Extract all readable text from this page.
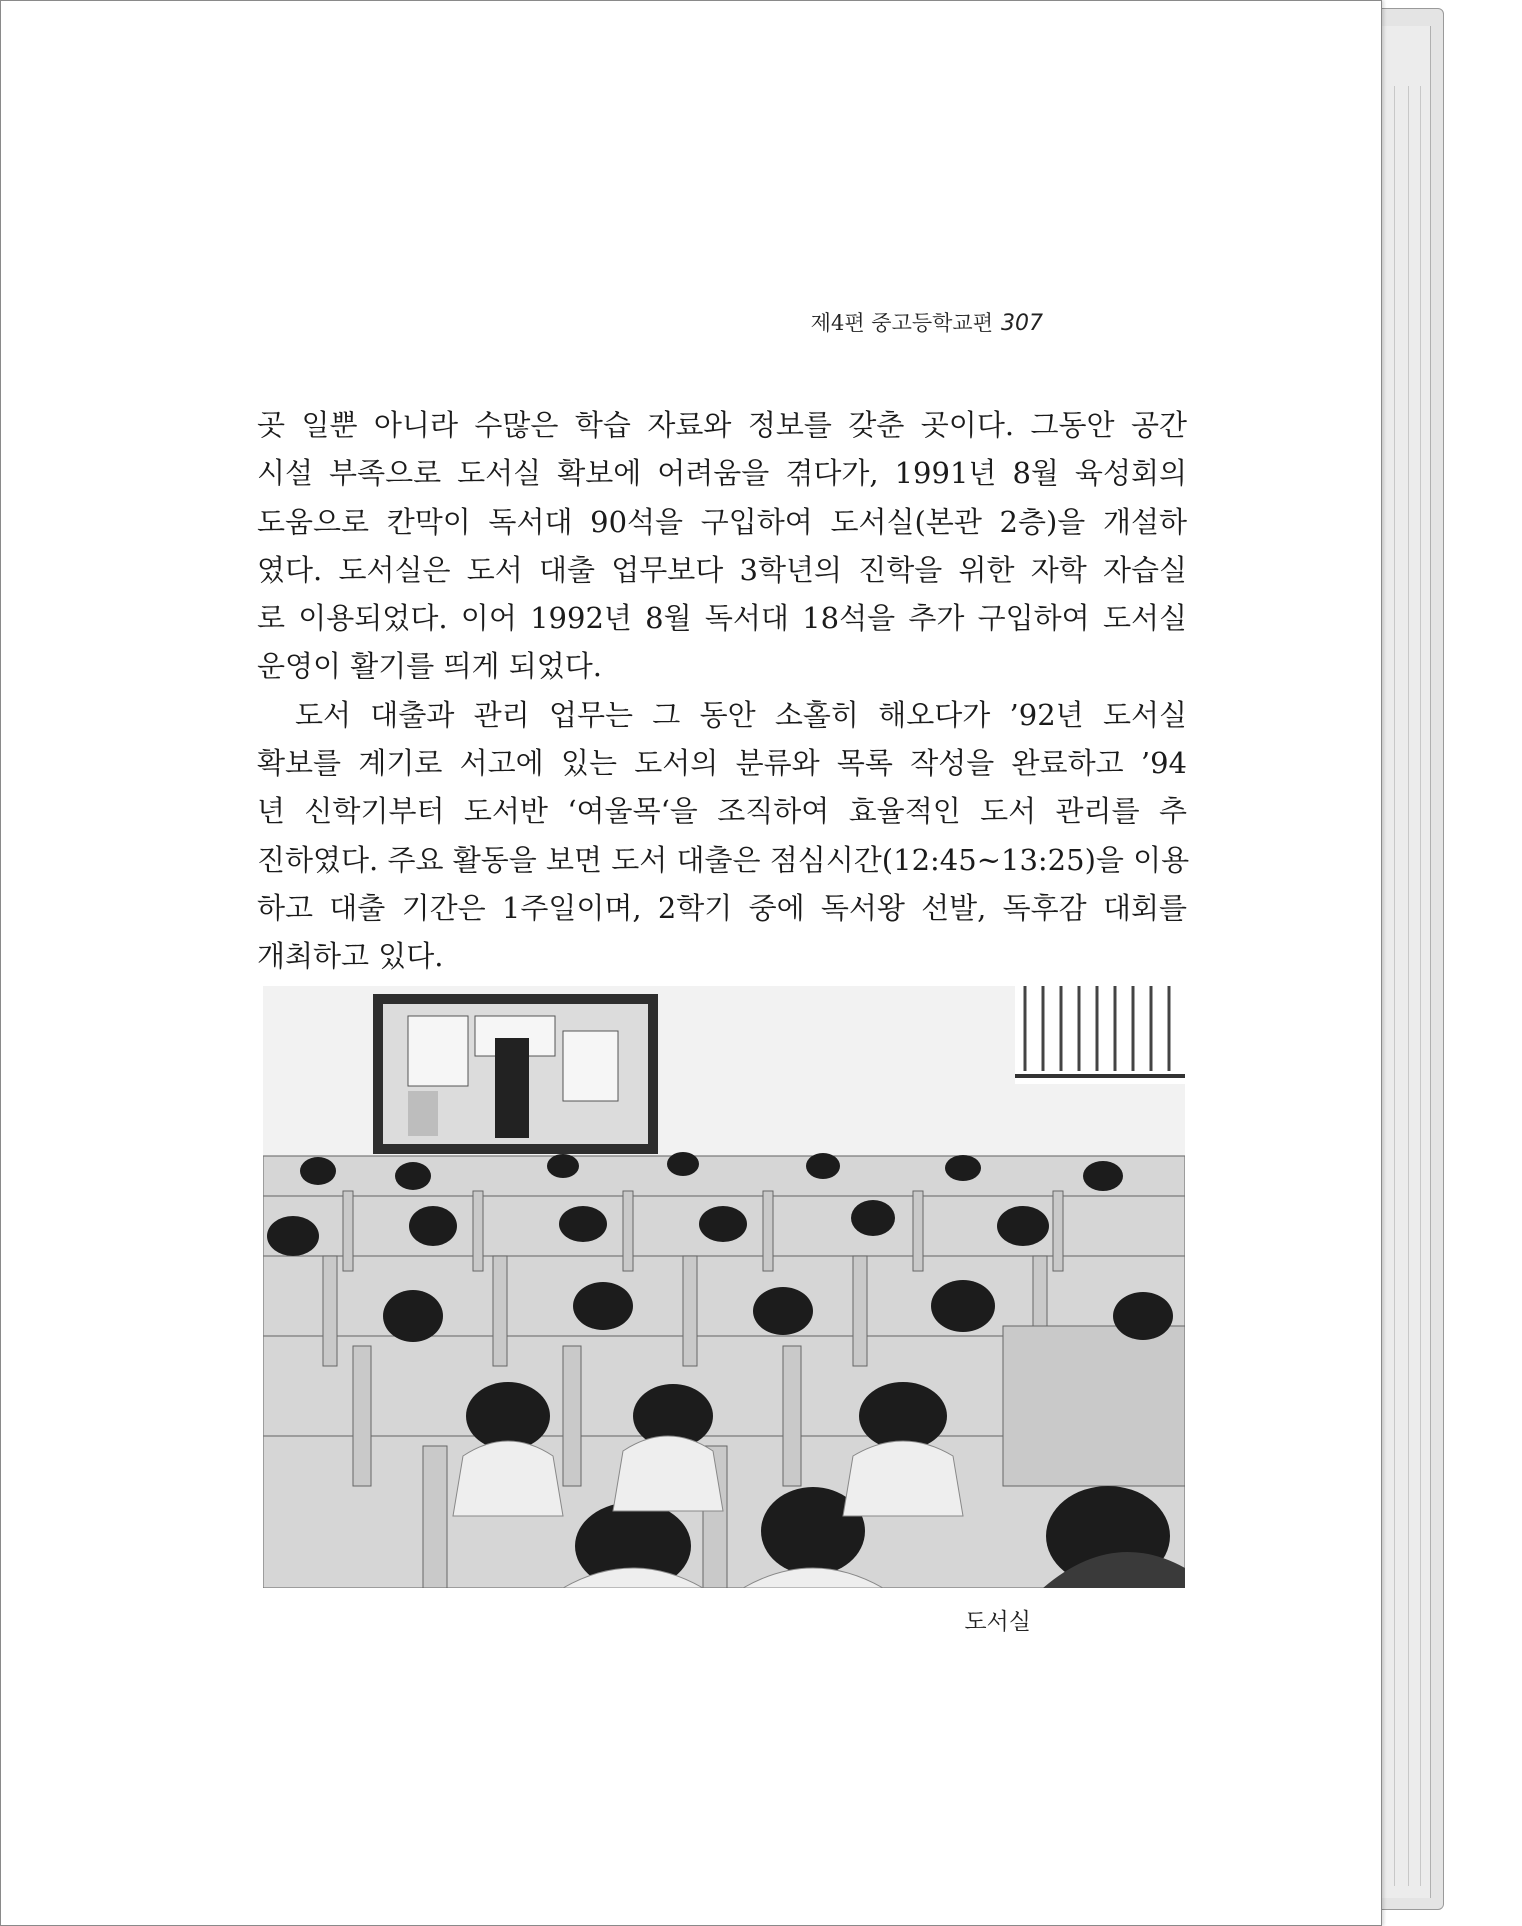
제4편 중고등학교편 307
곳 일뿐 아니라 수많은 학습 자료와 정보를 갖춘 곳이다. 그동안 공간
시설 부족으로 도서실 확보에 어려움을 겪다가, 1991년 8월 육성회의
도움으로 칸막이 독서대 90석을 구입하여 도서실(본관 2층)을 개설하
였다. 도서실은 도서 대출 업무보다 3학년의 진학을 위한 자학 자습실
로 이용되었다. 이어 1992년 8월 독서대 18석을 추가 구입하여 도서실
운영이 활기를 띄게 되었다.
도서 대출과 관리 업무는 그 동안 소홀히 해오다가 ’92년 도서실
확보를 계기로 서고에 있는 도서의 분류와 목록 작성을 완료하고 ’94
년 신학기부터 도서반 ‘여울목‘을 조직하여 효율적인 도서 관리를 추
진하였다. 주요 활동을 보면 도서 대출은 점심시간(12:45~13:25)을 이용
하고 대출 기간은 1주일이며, 2학기 중에 독서왕 선발, 독후감 대회를
개최하고 있다.
도서실
